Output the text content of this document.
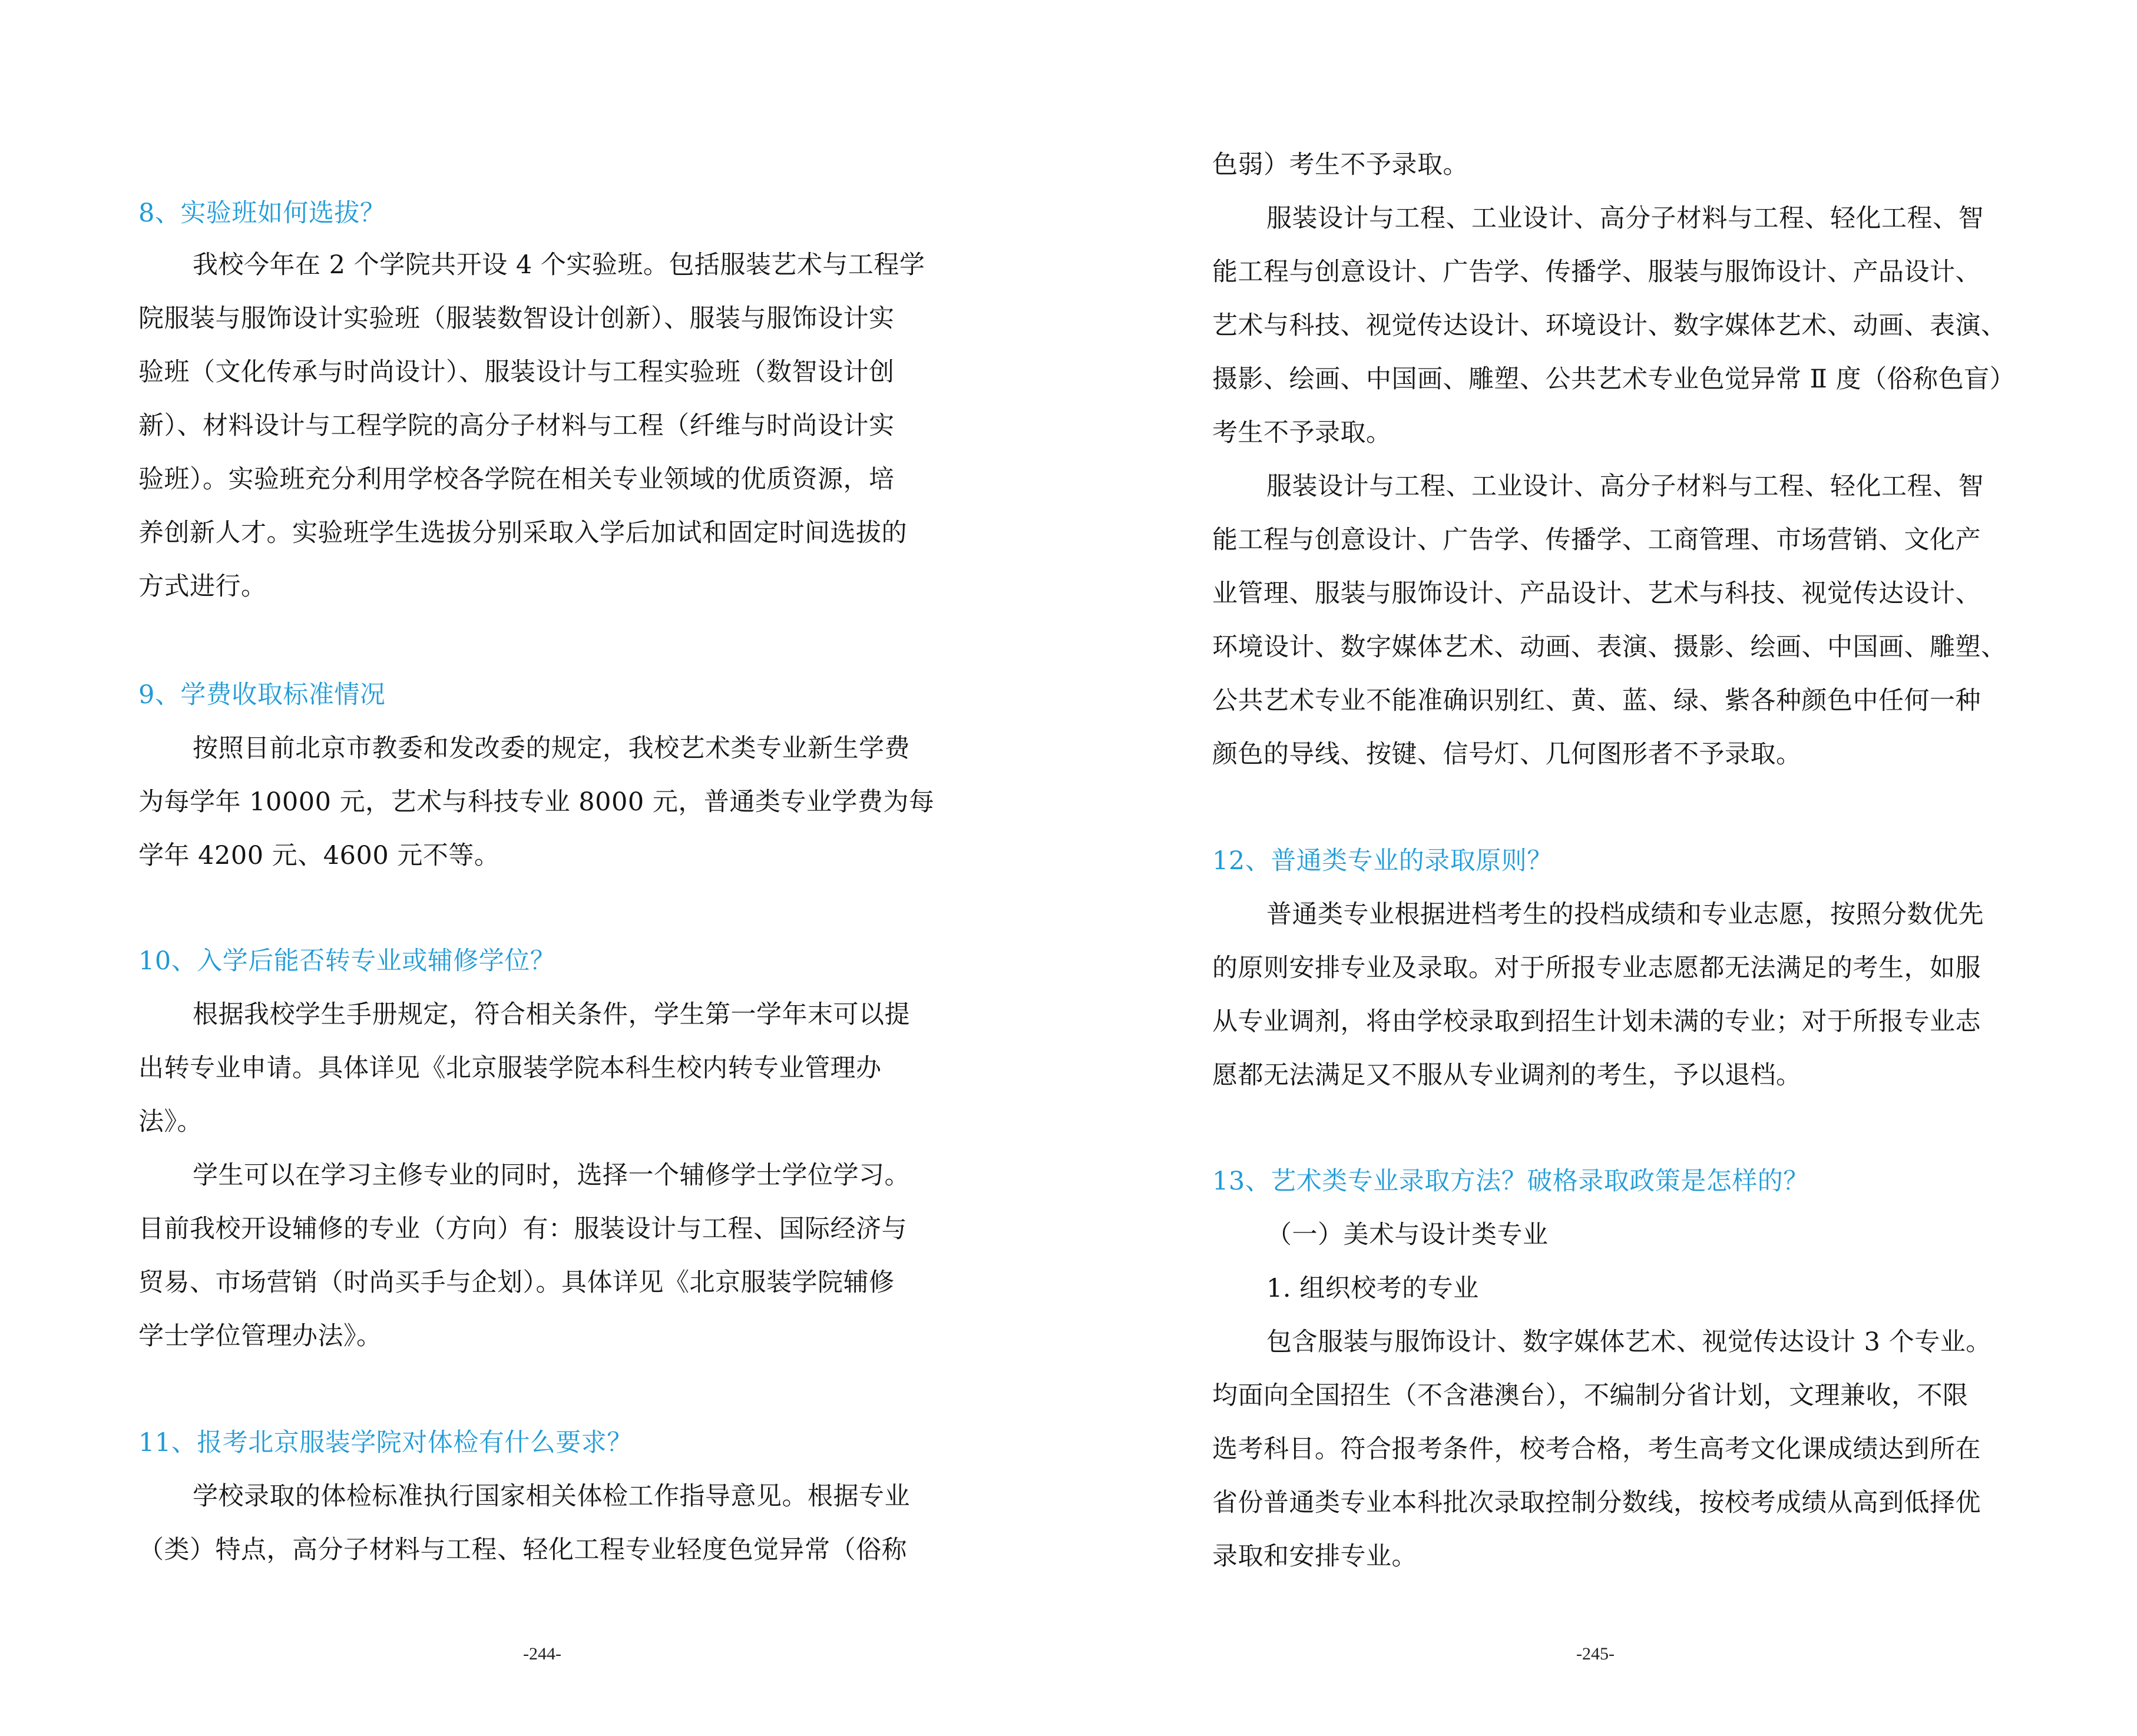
8、实验班如何选拔？
我校今年在 2 个学院共开设 4 个实验班。包括服装艺术与工程学
院服装与服饰设计实验班（服装数智设计创新）、服装与服饰设计实
验班（文化传承与时尚设计）、服装设计与工程实验班（数智设计创
新）、材料设计与工程学院的高分子材料与工程（纤维与时尚设计实
验班）。实验班充分利用学校各学院在相关专业领域的优质资源，培
养创新人才。实验班学生选拔分别采取入学后加试和固定时间选拔的
方式进行。
9、学费收取标准情况
按照目前北京市教委和发改委的规定，我校艺术类专业新生学费
为每学年 10000 元，艺术与科技专业 8000 元，普通类专业学费为每
学年 4200 元、4600 元不等。
10、入学后能否转专业或辅修学位？
根据我校学生手册规定，符合相关条件，学生第一学年末可以提
出转专业申请。具体详见《北京服装学院本科生校内转专业管理办
法》。
学生可以在学习主修专业的同时，选择一个辅修学士学位学习。
目前我校开设辅修的专业（方向）有：服装设计与工程、国际经济与
贸易、市场营销（时尚买手与企划）。具体详见《北京服装学院辅修
学士学位管理办法》。
11、报考北京服装学院对体检有什么要求？
学校录取的体检标准执行国家相关体检工作指导意见。根据专业
（类）特点，高分子材料与工程、轻化工程专业轻度色觉异常（俗称
色弱）考生不予录取。
服装设计与工程、工业设计、高分子材料与工程、轻化工程、智
能工程与创意设计、广告学、传播学、服装与服饰设计、产品设计、
艺术与科技、视觉传达设计、环境设计、数字媒体艺术、动画、表演、
摄影、绘画、中国画、雕塑、公共艺术专业色觉异常 Ⅱ 度（俗称色盲）
考生不予录取。
服装设计与工程、工业设计、高分子材料与工程、轻化工程、智
能工程与创意设计、广告学、传播学、工商管理、市场营销、文化产
业管理、服装与服饰设计、产品设计、艺术与科技、视觉传达设计、
环境设计、数字媒体艺术、动画、表演、摄影、绘画、中国画、雕塑、
公共艺术专业不能准确识别红、黄、蓝、绿、紫各种颜色中任何一种
颜色的导线、按键、信号灯、几何图形者不予录取。
12、普通类专业的录取原则？
普通类专业根据进档考生的投档成绩和专业志愿，按照分数优先
的原则安排专业及录取。对于所报专业志愿都无法满足的考生，如服
从专业调剂，将由学校录取到招生计划未满的专业；对于所报专业志
愿都无法满足又不服从专业调剂的考生，予以退档。
13、艺术类专业录取方法？破格录取政策是怎样的？
（一）美术与设计类专业
1. 组织校考的专业
包含服装与服饰设计、数字媒体艺术、视觉传达设计 3 个专业。
均面向全国招生（不含港澳台），不编制分省计划，文理兼收，不限
选考科目。符合报考条件，校考合格，考生高考文化课成绩达到所在
省份普通类专业本科批次录取控制分数线，按校考成绩从高到低择优
录取和安排专业。
-244-	-245-
